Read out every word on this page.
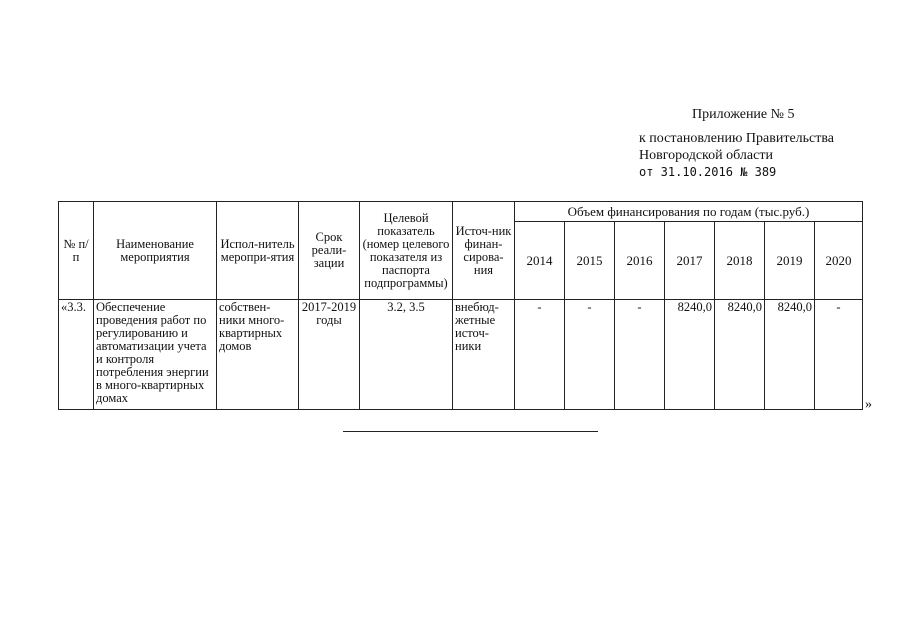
Приложение № 5
к постановлению Правительства
Новгородской области
от 31.10.2016 № 389
№ п/п	Наименование мероприятия	Испол-нитель меропри-ятия	Срок реали-зации	Целевой показатель (номер целевого показателя из паспорта подпрограммы)	Источ-ник финан-сирова-ния	Объем финансирования по годам (тыс.руб.)						
						2014	2015	2016	2017	2018	2019	2020
«3.3.	Обеспечение проведения работ по регулированию и автоматизации учета и контроля потребления энергии в много-квартирных домах	собствен-ники много-квартирных домов	2017-2019 годы	3.2, 3.5	внебюд-жетные источ-ники	-	-	-	8240,0	8240,0	8240,0	-
»
